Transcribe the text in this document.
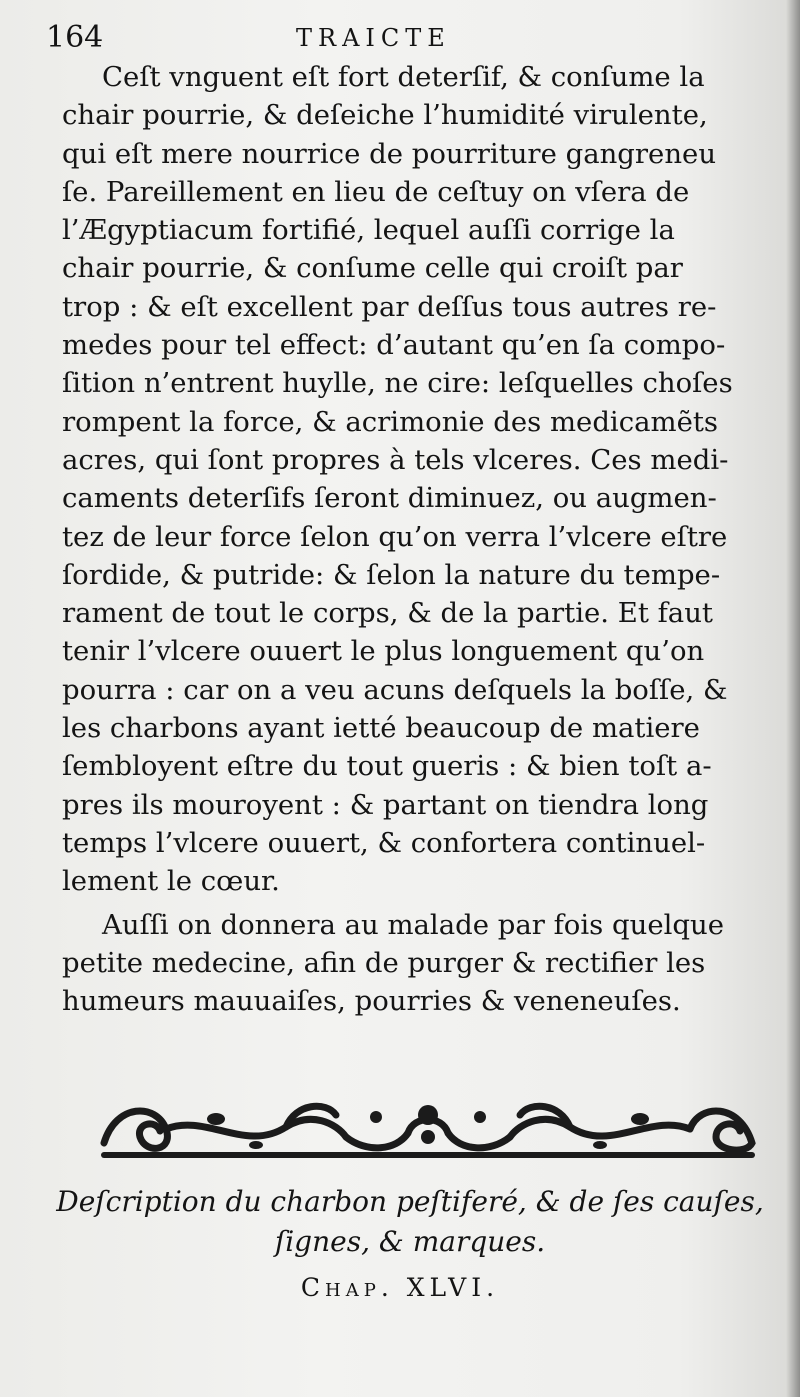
164	TRAICTE
Ceſt vnguent eſt fort deterſif, & conſume la
chair pourrie, & deſeiche l’humidité virulente,
qui eſt mere nourrice de pourriture gangreneu
ſe. Pareillement en lieu de ceſtuy on vſera de
l’Ægyptiacum fortifié, lequel auſſi corrige la
chair pourrie, & conſume celle qui croiſt par
trop : & eſt excellent par deſſus tous autres re-
medes pour tel effect: d’autant qu’en ſa compo-
ſition n’entrent huylle, ne cire: leſquelles choſes
rompent la force, & acrimonie des medicamẽts
acres, qui ſont propres à tels vlceres. Ces medi-
caments deterſifs ſeront diminuez, ou augmen-
tez de leur force ſelon qu’on verra l’vlcere eſtre
ſordide, & putride: & ſelon la nature du tempe-
rament de tout le corps, & de la partie. Et faut
tenir l’vlcere ouuert le plus longuement qu’on
pourra : car on a veu acuns deſquels la boſſe, &
les charbons ayant ietté beaucoup de matiere
ſembloyent eſtre du tout gueris : & bien toſt a-
pres ils mouroyent : & partant on tiendra long
temps l’vlcere ouuert, & confortera continuel-
lement le cœur.
Auſſi on donnera au malade par fois quelque
petite medecine, afin de purger & rectifier les
humeurs mauuaiſes, pourries & veneneuſes.
Deſcription du charbon peſtiferé, & de ſes cauſes,
ſignes, & marques.
Chap. XLVI.
